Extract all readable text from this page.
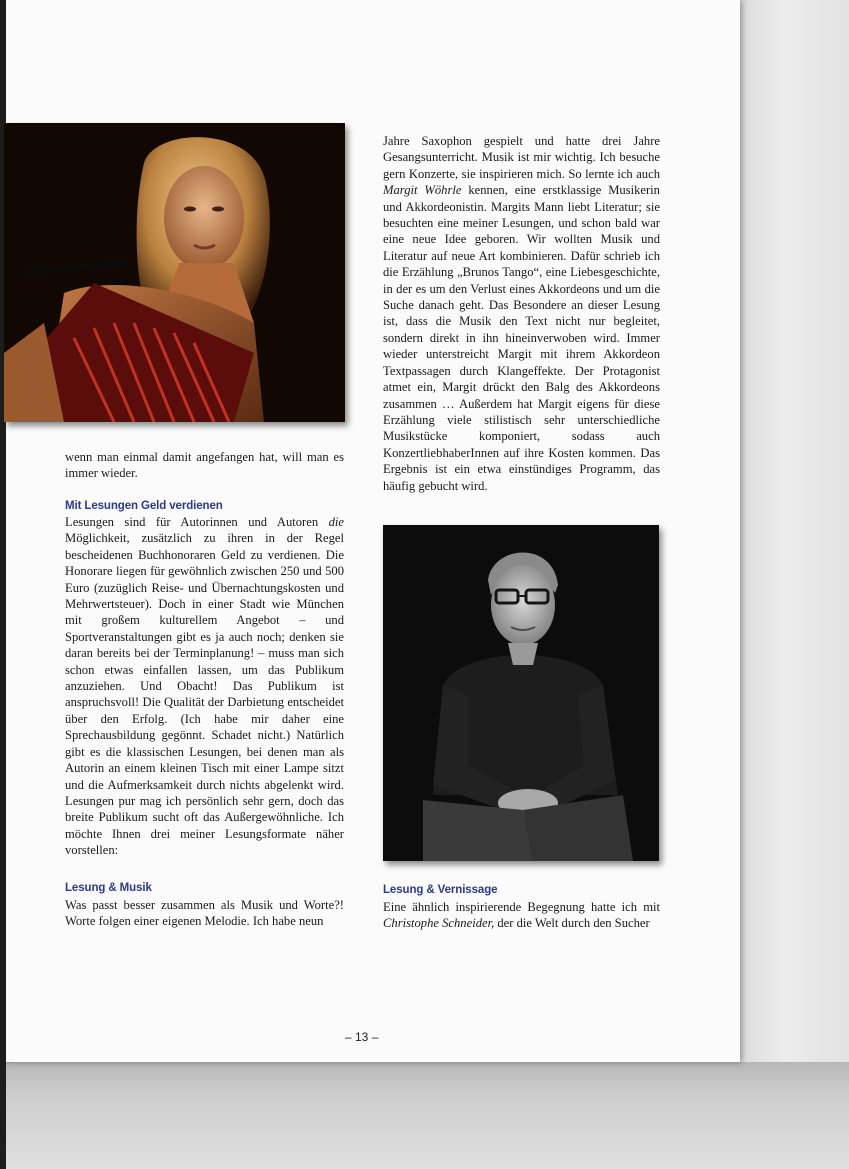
wenn man einmal damit angefangen hat, will man es immer wieder.

Mit Lesungen Geld verdienen

Lesungen sind für Autorinnen und Autoren die Möglichkeit, zusätzlich zu ihren in der Regel bescheidenen Buchhonoraren Geld zu verdienen. Die Honorare liegen für gewöhnlich zwischen 250 und 500 Euro (zuzüglich Reise- und Übernachtungskosten und Mehrwertsteuer). Doch in einer Stadt wie München mit großem kulturellem Angebot – und Sportveranstaltungen gibt es ja auch noch; denken sie daran bereits bei der Terminplanung! – muss man sich schon etwas einfallen lassen, um das Publikum anzuziehen. Und Obacht! Das Publikum ist anspruchsvoll! Die Qualität der Darbietung entscheidet über den Erfolg. (Ich habe mir daher eine Sprechausbildung gegönnt. Schadet nicht.) Natürlich gibt es die klassischen Lesungen, bei denen man als Autorin an einem kleinen Tisch mit einer Lampe sitzt und die Aufmerksamkeit durch nichts abgelenkt wird. Lesungen pur mag ich persönlich sehr gern, doch das breite Publikum sucht oft das Außergewöhnliche. Ich möchte Ihnen drei meiner Lesungsformate näher vorstellen:

Lesung & Musik

Was passt besser zusammen als Musik und Worte?! Worte folgen einer eigenen Melodie. Ich habe neun

Jahre Saxophon gespielt und hatte drei Jahre Gesangsunterricht. Musik ist mir wichtig. Ich besuche gern Konzerte, sie inspirieren mich. So lernte ich auch Margit Wöhrle kennen, eine erstklassige Musikerin und Akkordeonistin. Margits Mann liebt Literatur; sie besuchten eine meiner Lesungen, und schon bald war eine neue Idee geboren. Wir wollten Musik und Literatur auf neue Art kombinieren. Dafür schrieb ich die Erzählung „Brunos Tango“, eine Liebesgeschichte, in der es um den Verlust eines Akkordeons und um die Suche danach geht. Das Besondere an dieser Lesung ist, dass die Musik den Text nicht nur begleitet, sondern direkt in ihn hineinverwoben wird. Immer wieder unterstreicht Margit mit ihrem Akkordeon Textpassagen durch Klangeffekte. Der Protagonist atmet ein, Margit drückt den Balg des Akkordeons zusammen … Außerdem hat Margit eigens für diese Erzählung viele stilistisch sehr unterschiedliche Musikstücke komponiert, sodass auch KonzertliebhaberInnen auf ihre Kosten kommen. Das Ergebnis ist ein etwa einstündiges Programm, das häufig gebucht wird.

Lesung & Vernissage

Eine ähnlich inspirierende Begegnung hatte ich mit Christophe Schneider, der die Welt durch den Sucher

– 13 –
